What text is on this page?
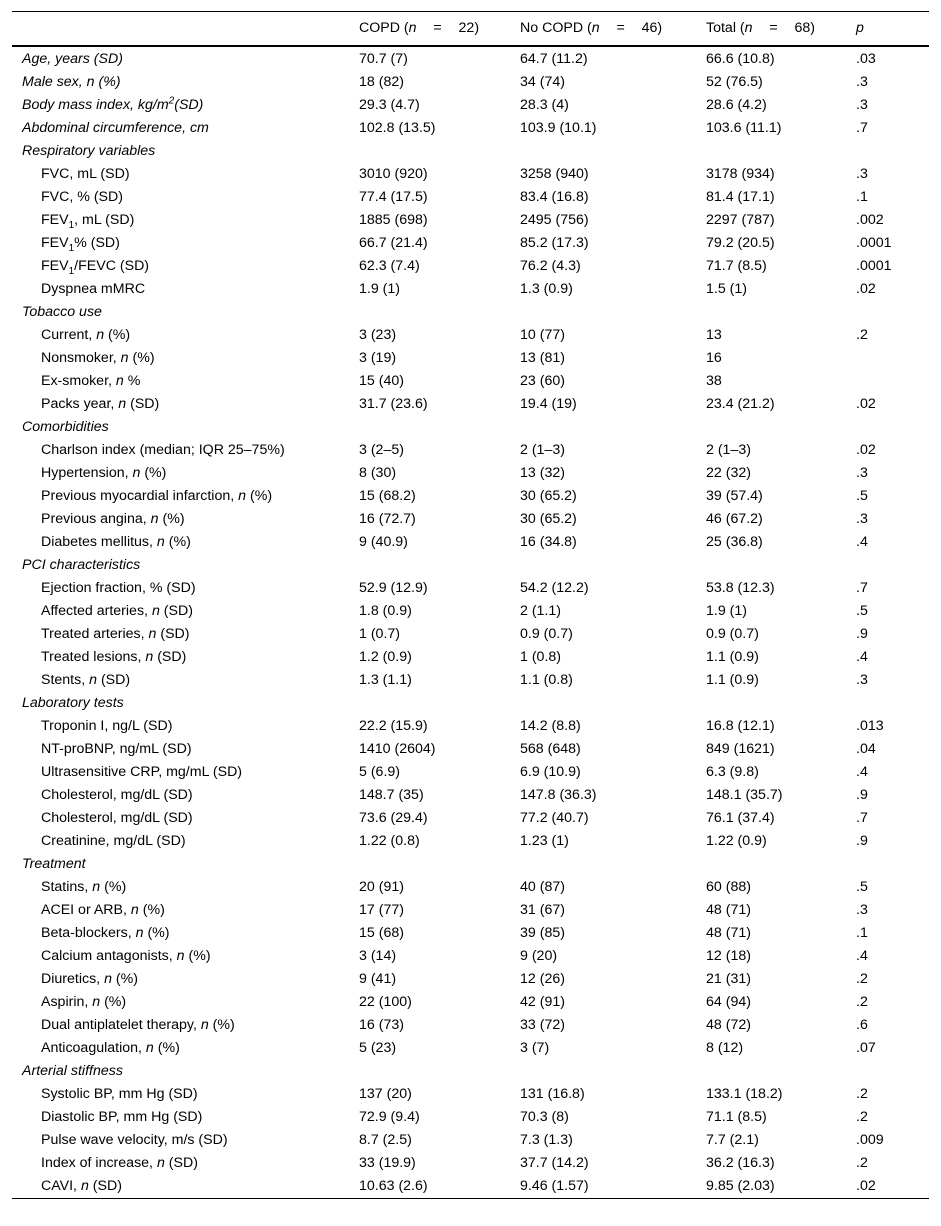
COPD (n = 22)	No COPD (n = 46)	Total (n = 68)	p
Age, years (SD)	70.7 (7)	64.7 (11.2)	66.6 (10.8)	.03
Male sex, n (%)	18 (82)	34 (74)	52 (76.5)	.3
Body mass index, $kg/m^2(SD)$	29.3 (4.7)	28.3 (4)	28.6 (4.2)	.3
Abdominal circumference, cm	102.8 (13.5)	103.9 (10.1)	103.6 (11.1)	.7
Respiratory variables
FVC, mL (SD)	3010 (920)	3258 (940)	3178 (934)	.3
FVC, % (SD)	77.4 (17.5)	83.4 (16.8)	81.4 (17.1)	.1
$FEV_1$, mL (SD)	1885 (698)	2495 (756)	2297 (787)	.002
$FEV_1\%$ (SD)	66.7 (21.4)	85.2 (17.3)	79.2 (20.5)	.0001
$FEV_1$/FEVC (SD)	62.3 (7.4)	76.2 (4.3)	71.7 (8.5)	.0001
Dyspnea mMRC	1.9 (1)	1.3 (0.9)	1.5 (1)	.02
Tobacco use
Current, n (%)	3 (23)	10 (77)	13	.2
Nonsmoker, n (%)	3 (19)	13 (81)	16
Ex-smoker, n %	15 (40)	23 (60)	38
Packs year, n (SD)	31.7 (23.6)	19.4 (19)	23.4 (21.2)	.02
Comorbidities
Charlson index (median; IQR 25–75%)	3 (2–5)	2 (1–3)	2 (1–3)	.02
Hypertension, n (%)	8 (30)	13 (32)	22 (32)	.3
Previous myocardial infarction, n (%)	15 (68.2)	30 (65.2)	39 (57.4)	.5
Previous angina, n (%)	16 (72.7)	30 (65.2)	46 (67.2)	.3
Diabetes mellitus, n (%)	9 (40.9)	16 (34.8)	25 (36.8)	.4
PCI characteristics
Ejection fraction, % (SD)	52.9 (12.9)	54.2 (12.2)	53.8 (12.3)	.7
Affected arteries, n (SD)	1.8 (0.9)	2 (1.1)	1.9 (1)	.5
Treated arteries, n (SD)	1 (0.7)	0.9 (0.7)	0.9 (0.7)	.9
Treated lesions, n (SD)	1.2 (0.9)	1 (0.8)	1.1 (0.9)	.4
Stents, n (SD)	1.3 (1.1)	1.1 (0.8)	1.1 (0.9)	.3
Laboratory tests
Troponin I, ng/L (SD)	22.2 (15.9)	14.2 (8.8)	16.8 (12.1)	.013
NT-proBNP, ng/mL (SD)	1410 (2604)	568 (648)	849 (1621)	.04
Ultrasensitive CRP, mg/mL (SD)	5 (6.9)	6.9 (10.9)	6.3 (9.8)	.4
Cholesterol, mg/dL (SD)	148.7 (35)	147.8 (36.3)	148.1 (35.7)	.9
Cholesterol, mg/dL (SD)	73.6 (29.4)	77.2 (40.7)	76.1 (37.4)	.7
Creatinine, mg/dL (SD)	1.22 (0.8)	1.23 (1)	1.22 (0.9)	.9
Treatment
Statins, n (%)	20 (91)	40 (87)	60 (88)	.5
ACEI or ARB, n (%)	17 (77)	31 (67)	48 (71)	.3
Beta-blockers, n (%)	15 (68)	39 (85)	48 (71)	.1
Calcium antagonists, n (%)	3 (14)	9 (20)	12 (18)	.4
Diuretics, n (%)	9 (41)	12 (26)	21 (31)	.2
Aspirin, n (%)	22 (100)	42 (91)	64 (94)	.2
Dual antiplatelet therapy, n (%)	16 (73)	33 (72)	48 (72)	.6
Anticoagulation, n (%)	5 (23)	3 (7)	8 (12)	.07
Arterial stiffness
Systolic BP, mm Hg (SD)	137 (20)	131 (16.8)	133.1 (18.2)	.2
Diastolic BP, mm Hg (SD)	72.9 (9.4)	70.3 (8)	71.1 (8.5)	.2
Pulse wave velocity, m/s (SD)	8.7 (2.5)	7.3 (1.3)	7.7 (2.1)	.009
Index of increase, n (SD)	33 (19.9)	37.7 (14.2)	36.2 (16.3)	.2
CAVI, n (SD)	10.63 (2.6)	9.46 (1.57)	9.85 (2.03)	.02
